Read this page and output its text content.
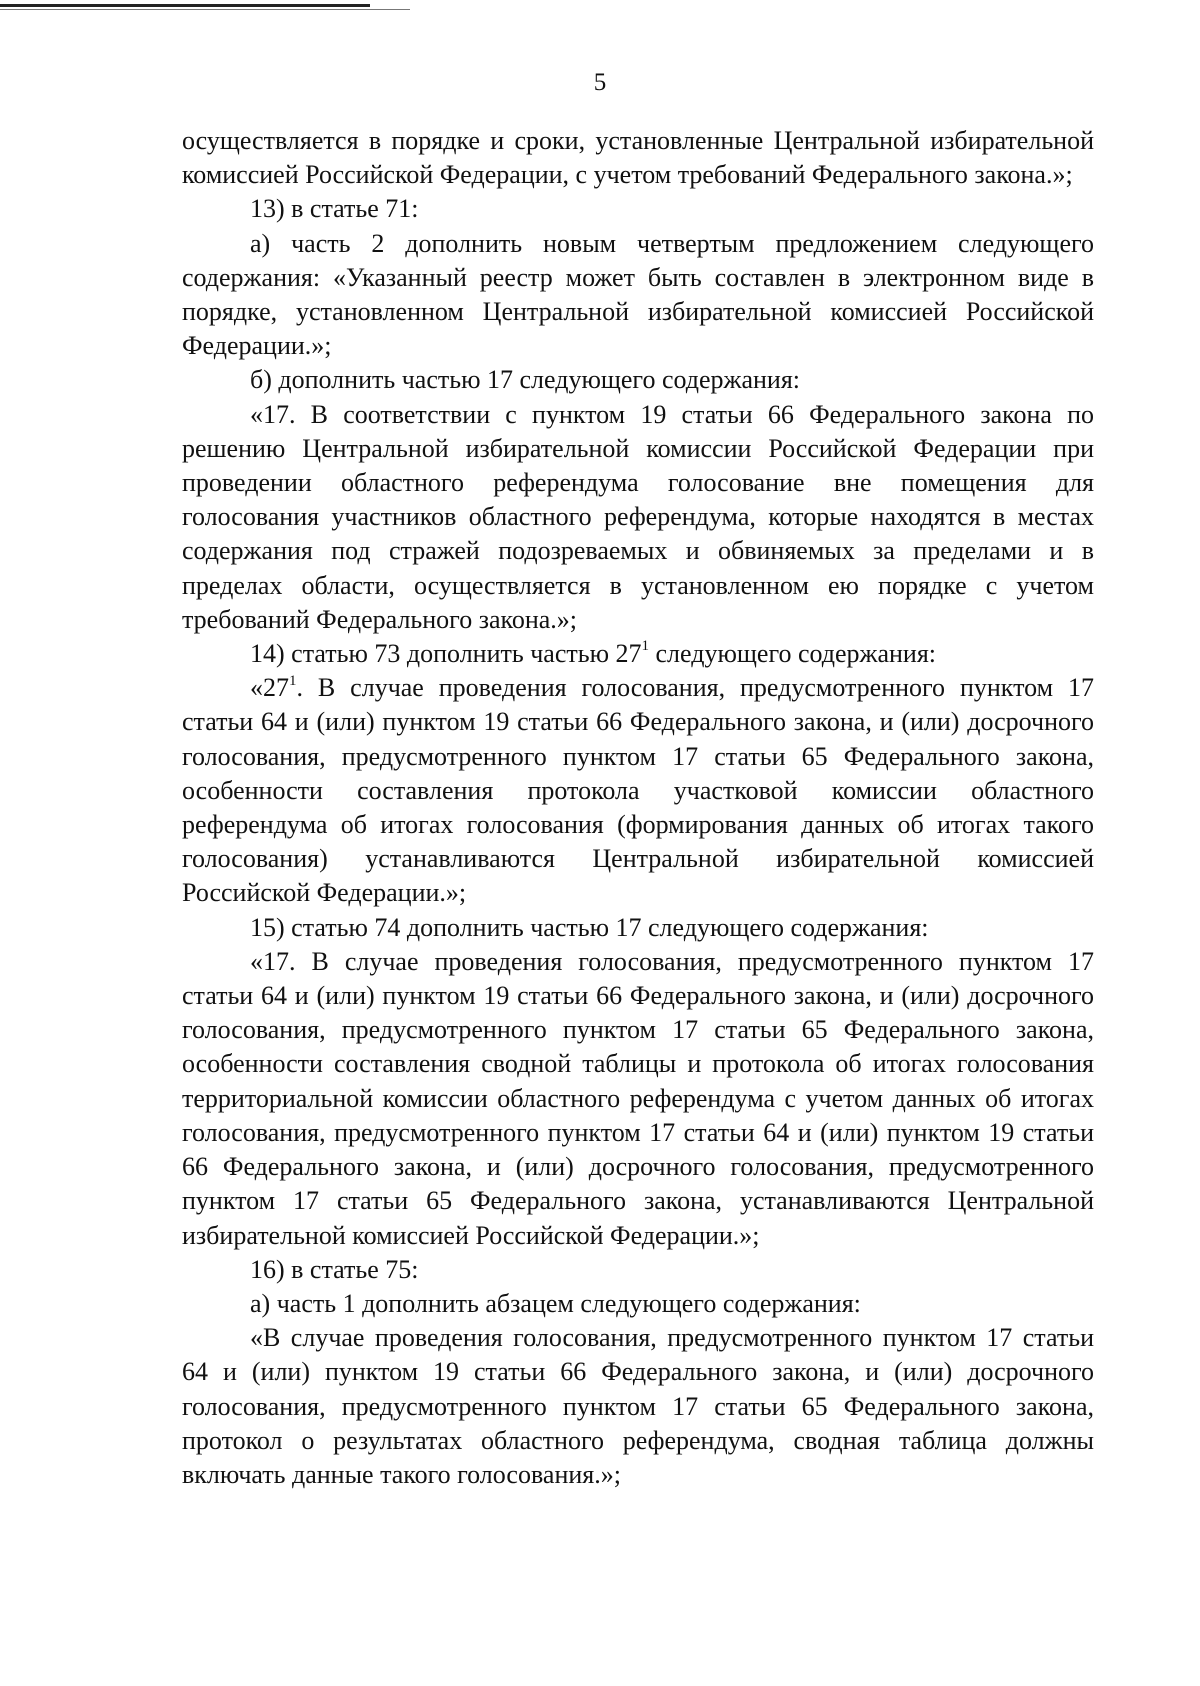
5

осуществляется в порядке и сроки, установленные Центральной избирательной комиссией Российской Федерации, с учетом требований Федерального закона.»;

13) в статье 71:

а) часть 2 дополнить новым четвертым предложением следующего содержания: «Указанный реестр может быть составлен в электронном виде в порядке, установленном Центральной избирательной комиссией Российской Федерации.»;

б) дополнить частью 17 следующего содержания:

«17. В соответствии с пунктом 19 статьи 66 Федерального закона по решению Центральной избирательной комиссии Российской Федерации при проведении областного референдума голосование вне помещения для голосования участников областного референдума, которые находятся в местах содержания под стражей подозреваемых и обвиняемых за пределами и в пределах области, осуществляется в установленном ею порядке с учетом требований Федерального закона.»;

14) статью 73 дополнить частью $27^1$ следующего содержания:

«$27^1$. В случае проведения голосования, предусмотренного пунктом 17 статьи 64 и (или) пунктом 19 статьи 66 Федерального закона, и (или) досрочного голосования, предусмотренного пунктом 17 статьи 65 Федерального закона, особенности составления протокола участковой комиссии областного референдума об итогах голосования (формирования данных об итогах такого голосования) устанавливаются Центральной избирательной комиссией Российской Федерации.»;

15) статью 74 дополнить частью 17 следующего содержания:

«17. В случае проведения голосования, предусмотренного пунктом 17 статьи 64 и (или) пунктом 19 статьи 66 Федерального закона, и (или) досрочного голосования, предусмотренного пунктом 17 статьи 65 Федерального закона, особенности составления сводной таблицы и протокола об итогах голосования территориальной комиссии областного референдума с учетом данных об итогах голосования, предусмотренного пунктом 17 статьи 64 и (или) пунктом 19 статьи 66 Федерального закона, и (или) досрочного голосования, предусмотренного пунктом 17 статьи 65 Федерального закона, устанавливаются Центральной избирательной комиссией Российской Федерации.»;

16) в статье 75:

а) часть 1 дополнить абзацем следующего содержания:

«В случае проведения голосования, предусмотренного пунктом 17 статьи 64 и (или) пунктом 19 статьи 66 Федерального закона, и (или) досрочного голосования, предусмотренного пунктом 17 статьи 65 Федерального закона, протокол о результатах областного референдума, сводная таблица должны включать данные такого голосования.»;
